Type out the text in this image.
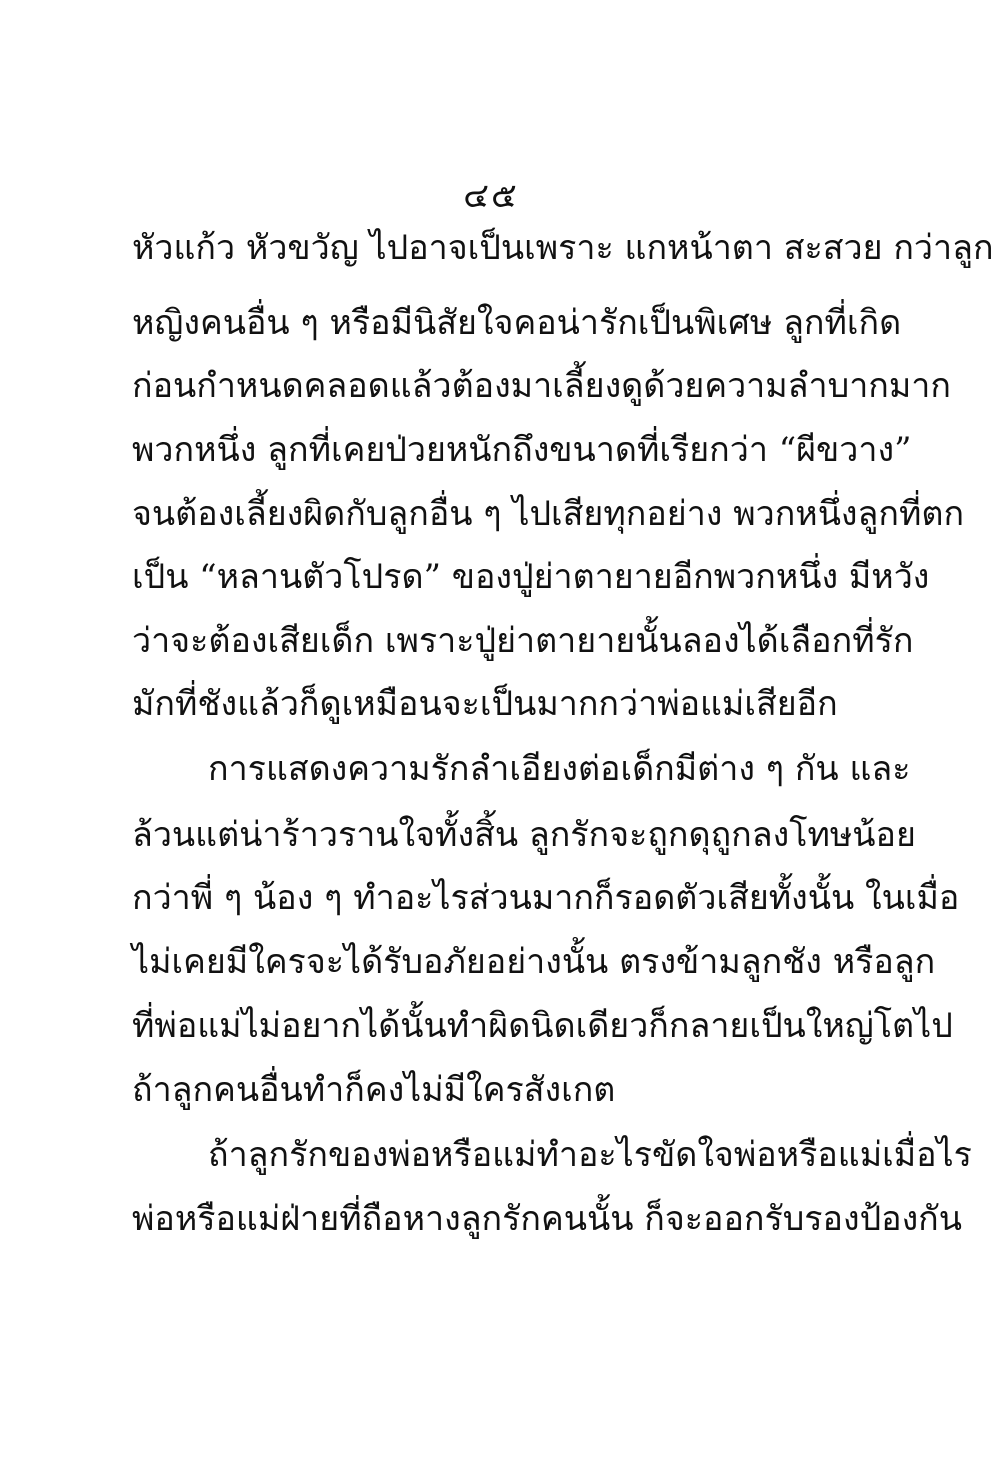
๔๕
หัวแก้ว หัวขวัญ ไปอาจเป็นเพราะ แกหน้าตา สะสวย กว่าลูก
หญิงคนอื่น ๆ หรือมีนิสัยใจคอน่ารักเป็นพิเศษ ลูกที่เกิด
ก่อนกำหนดคลอดแล้วต้องมาเลี้ยงดูด้วยความลำบากมาก
พวกหนึ่ง ลูกที่เคยป่วยหนักถึงขนาดที่เรียกว่า “ผีขวาง”
จนต้องเลี้ยงผิดกับลูกอื่น ๆ ไปเสียทุกอย่าง พวกหนึ่งลูกที่ตก
เป็น “หลานตัวโปรด” ของปู่ย่าตายายอีกพวกหนึ่ง มีหวัง
ว่าจะต้องเสียเด็ก เพราะปู่ย่าตายายนั้นลองได้เลือกที่รัก
มักที่ชังแล้วก็ดูเหมือนจะเป็นมากกว่าพ่อแม่เสียอีก
การแสดงความรักลำเอียงต่อเด็กมีต่าง ๆ กัน และ
ล้วนแต่น่าร้าวรานใจทั้งสิ้น ลูกรักจะถูกดุถูกลงโทษน้อย
กว่าพี่ ๆ น้อง ๆ ทำอะไรส่วนมากก็รอดตัวเสียทั้งนั้น ในเมื่อ
ไม่เคยมีใครจะได้รับอภัยอย่างนั้น ตรงข้ามลูกชัง หรือลูก
ที่พ่อแม่ไม่อยากได้นั้นทำผิดนิดเดียวก็กลายเป็นใหญ่โตไป
ถ้าลูกคนอื่นทำก็คงไม่มีใครสังเกต
ถ้าลูกรักของพ่อหรือแม่ทำอะไรขัดใจพ่อหรือแม่เมื่อไร
พ่อหรือแม่ฝ่ายที่ถือหางลูกรักคนนั้น ก็จะออกรับรองป้องกัน
